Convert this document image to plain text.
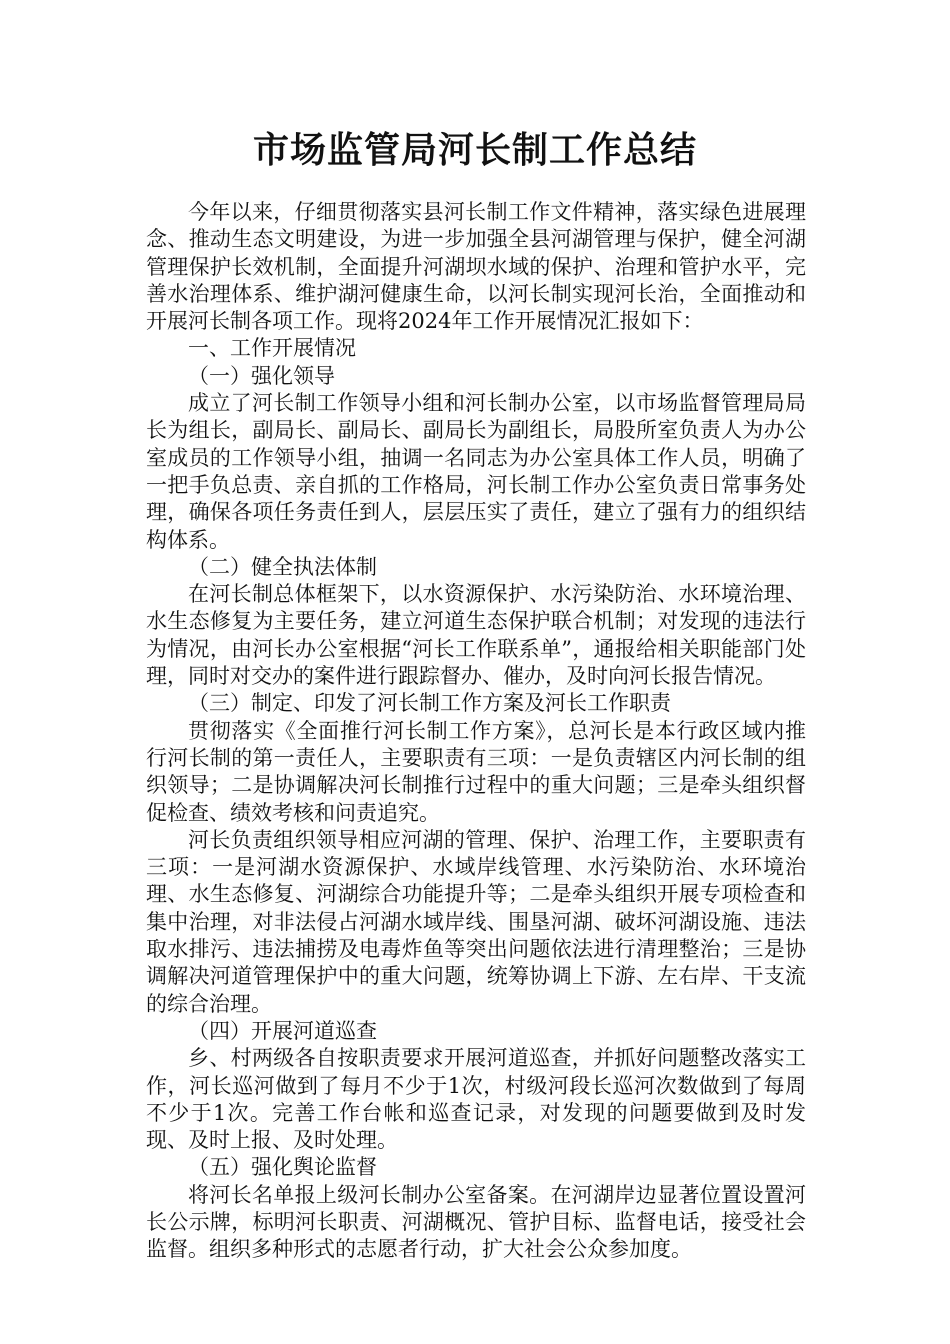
市场监管局河长制工作总结

今年以来，仔细贯彻落实县河长制工作文件精神，落实绿色进展理念、推动生态文明建设，为进一步加强全县河湖管理与保护，健全河湖管理保护长效机制，全面提升河湖坝水域的保护、治理和管护水平，完善水治理体系、维护湖河健康生命，以河长制实现河长治，全面推动和开展河长制各项工作。现将2024年工作开展情况汇报如下：

一、工作开展情况

（一）强化领导

成立了河长制工作领导小组和河长制办公室，以市场监督管理局局长为组长，副局长、副局长、副局长为副组长，局股所室负责人为办公室成员的工作领导小组，抽调一名同志为办公室具体工作人员，明确了一把手负总责、亲自抓的工作格局，河长制工作办公室负责日常事务处理，确保各项任务责任到人，层层压实了责任，建立了强有力的组织结构体系。

（二）健全执法体制

在河长制总体框架下，以水资源保护、水污染防治、水环境治理、水生态修复为主要任务，建立河道生态保护联合机制；对发现的违法行为情况，由河长办公室根据“河长工作联系单”，通报给相关职能部门处理，同时对交办的案件进行跟踪督办、催办，及时向河长报告情况。

（三）制定、印发了河长制工作方案及河长工作职责

贯彻落实《全面推行河长制工作方案》，总河长是本行政区域内推行河长制的第一责任人，主要职责有三项：一是负责辖区内河长制的组织领导；二是协调解决河长制推行过程中的重大问题；三是牵头组织督促检查、绩效考核和问责追究。

河长负责组织领导相应河湖的管理、保护、治理工作，主要职责有三项：一是河湖水资源保护、水域岸线管理、水污染防治、水环境治理、水生态修复、河湖综合功能提升等；二是牵头组织开展专项检查和集中治理，对非法侵占河湖水域岸线、围垦河湖、破坏河湖设施、违法取水排污、违法捕捞及电毒炸鱼等突出问题依法进行清理整治；三是协调解决河道管理保护中的重大问题，统筹协调上下游、左右岸、干支流的综合治理。

（四）开展河道巡查

乡、村两级各自按职责要求开展河道巡查，并抓好问题整改落实工作，河长巡河做到了每月不少于1次，村级河段长巡河次数做到了每周不少于1次。完善工作台帐和巡查记录，对发现的问题要做到及时发现、及时上报、及时处理。

（五）强化舆论监督

将河长名单报上级河长制办公室备案。在河湖岸边显著位置设置河长公示牌，标明河长职责、河湖概况、管护目标、监督电话，接受社会监督。组织多种形式的志愿者行动，扩大社会公众参加度。
